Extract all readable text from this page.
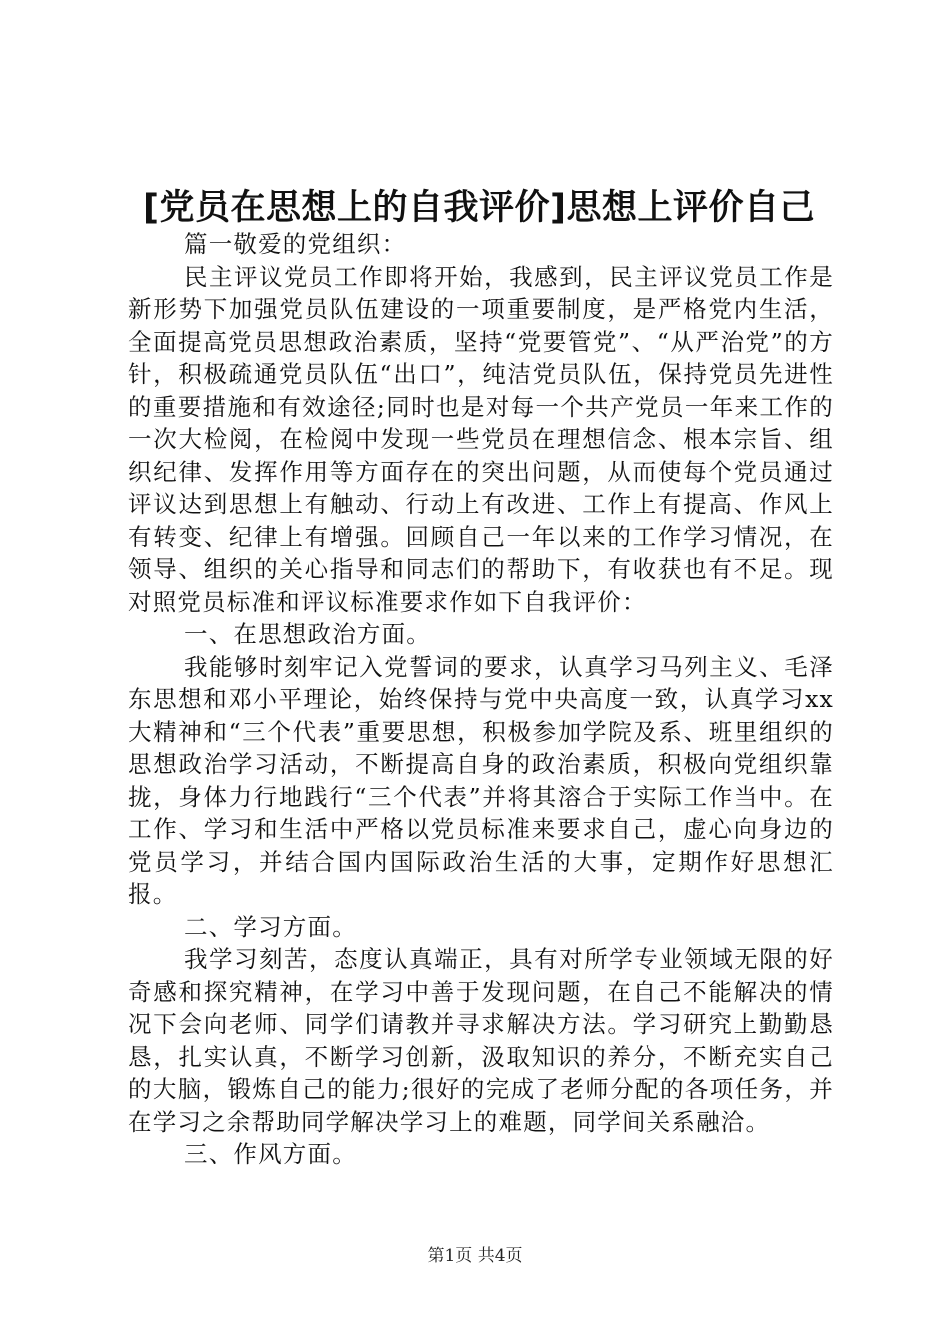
[党员在思想上的自我评价]思想上评价自己

篇一敬爱的党组织：

民主评议党员工作即将开始，我感到，民主评议党员工作是新形势下加强党员队伍建设的一项重要制度，是严格党内生活，全面提高党员思想政治素质，坚持“党要管党”、“从严治党”的方针，积极疏通党员队伍“出口”，纯洁党员队伍，保持党员先进性的重要措施和有效途径;同时也是对每一个共产党员一年来工作的一次大检阅，在检阅中发现一些党员在理想信念、根本宗旨、组织纪律、发挥作用等方面存在的突出问题，从而使每个党员通过评议达到思想上有触动、行动上有改进、工作上有提高、作风上有转变、纪律上有增强。回顾自己一年以来的工作学习情况，在领导、组织的关心指导和同志们的帮助下，有收获也有不足。现对照党员标准和评议标准要求作如下自我评价：

一、在思想政治方面。

我能够时刻牢记入党誓词的要求，认真学习马列主义、毛泽东思想和邓小平理论，始终保持与党中央高度一致，认真学习xx大精神和“三个代表”重要思想，积极参加学院及系、班里组织的思想政治学习活动，不断提高自身的政治素质，积极向党组织靠拢，身体力行地践行“三个代表”并将其溶合于实际工作当中。在工作、学习和生活中严格以党员标准来要求自己，虚心向身边的党员学习，并结合国内国际政治生活的大事，定期作好思想汇报。

二、学习方面。

我学习刻苦，态度认真端正，具有对所学专业领域无限的好奇感和探究精神，在学习中善于发现问题，在自己不能解决的情况下会向老师、同学们请教并寻求解决方法。学习研究上勤勤恳恳，扎实认真，不断学习创新，汲取知识的养分，不断充实自己的大脑，锻炼自己的能力;很好的完成了老师分配的各项任务，并在学习之余帮助同学解决学习上的难题，同学间关系融洽。

三、作风方面。

第1页 共4页
